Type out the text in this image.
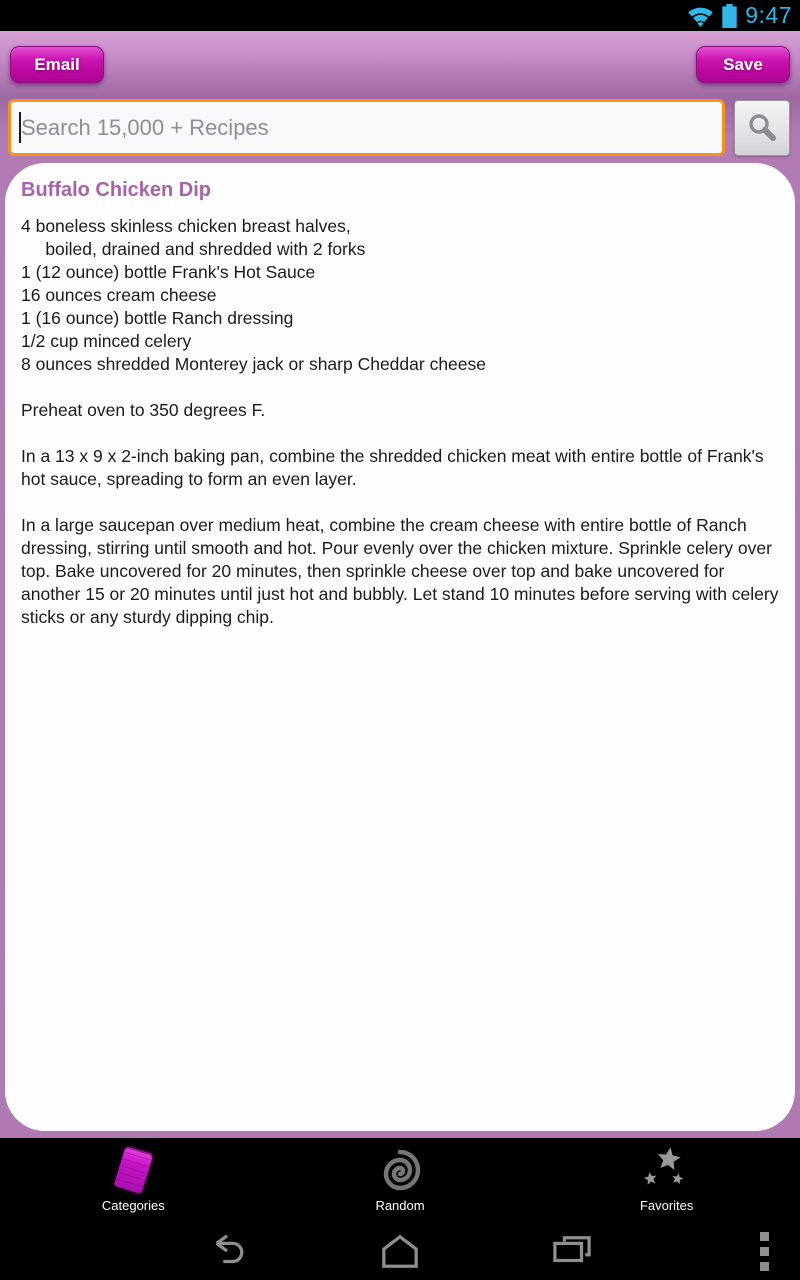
9:47
Email	Save
Search 15,000 + Recipes
Buffalo Chicken Dip
4 boneless skinless chicken breast halves,
boiled, drained and shredded with 2 forks
1 (12 ounce) bottle Frank's Hot Sauce
16 ounces cream cheese
1 (16 ounce) bottle Ranch dressing
1/2 cup minced celery
8 ounces shredded Monterey jack or sharp Cheddar cheese

Preheat oven to 350 degrees F.

In a 13 x 9 x 2-inch baking pan, combine the shredded chicken meat with entire bottle of Frank's hot sauce, spreading to form an even layer.

In a large saucepan over medium heat, combine the cream cheese with entire bottle of Ranch dressing, stirring until smooth and hot. Pour evenly over the chicken mixture. Sprinkle celery over top. Bake uncovered for 20 minutes, then sprinkle cheese over top and bake uncovered for another 15 or 20 minutes until just hot and bubbly. Let stand 10 minutes before serving with celery sticks or any sturdy dipping chip.

Categories	Random	Favorites
